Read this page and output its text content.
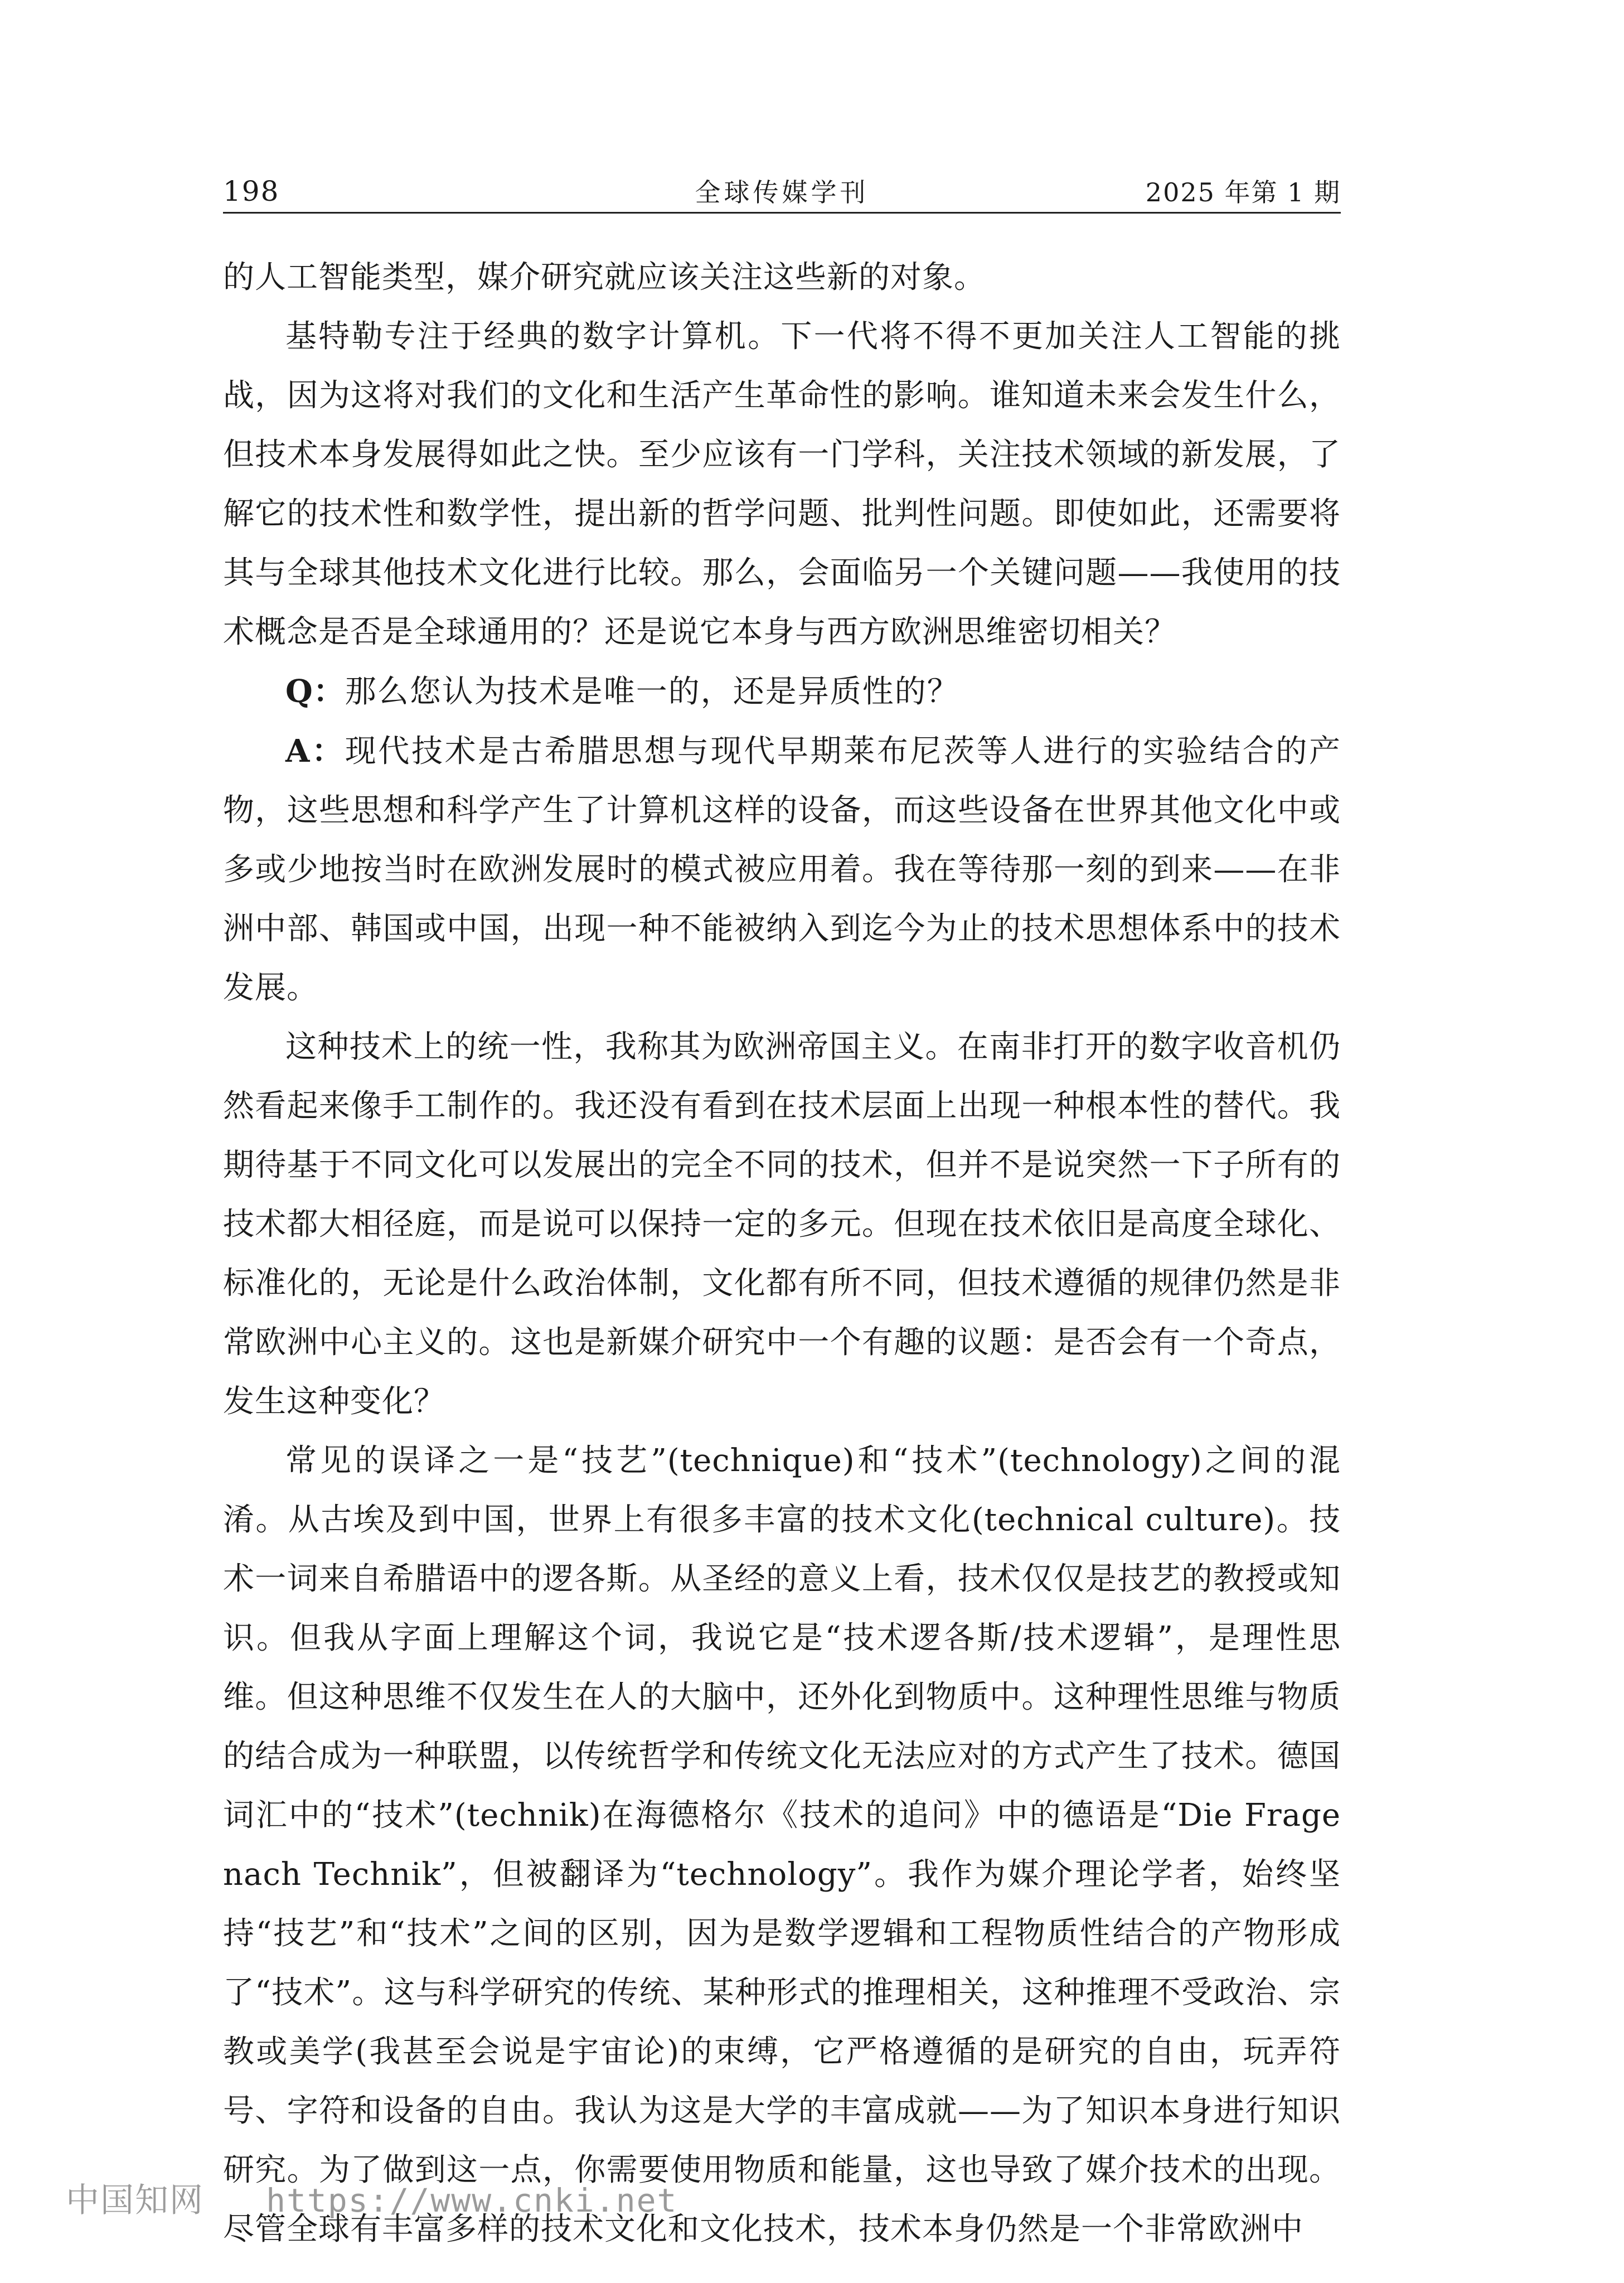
198	全球传媒学刊	2025 年第 1 期

的人工智能类型，媒介研究就应该关注这些新的对象。

基特勒专注于经典的数字计算机。下一代将不得不更加关注人工智能的挑战，因为这将对我们的文化和生活产生革命性的影响。谁知道未来会发生什么，但技术本身发展得如此之快。至少应该有一门学科，关注技术领域的新发展，了解它的技术性和数学性，提出新的哲学问题、批判性问题。即使如此，还需要将其与全球其他技术文化进行比较。那么，会面临另一个关键问题——我使用的技术概念是否是全球通用的？还是说它本身与西方欧洲思维密切相关？

Q：那么您认为技术是唯一的，还是异质性的？

A：现代技术是古希腊思想与现代早期莱布尼茨等人进行的实验结合的产物，这些思想和科学产生了计算机这样的设备，而这些设备在世界其他文化中或多或少地按当时在欧洲发展时的模式被应用着。我在等待那一刻的到来——在非洲中部、韩国或中国，出现一种不能被纳入到迄今为止的技术思想体系中的技术发展。

这种技术上的统一性，我称其为欧洲帝国主义。在南非打开的数字收音机仍然看起来像手工制作的。我还没有看到在技术层面上出现一种根本性的替代。我期待基于不同文化可以发展出的完全不同的技术，但并不是说突然一下子所有的技术都大相径庭，而是说可以保持一定的多元。但现在技术依旧是高度全球化、标准化的，无论是什么政治体制，文化都有所不同，但技术遵循的规律仍然是非常欧洲中心主义的。这也是新媒介研究中一个有趣的议题：是否会有一个奇点，发生这种变化？

常见的误译之一是“技艺”(technique)和“技术”(technology)之间的混淆。从古埃及到中国，世界上有很多丰富的技术文化(technical culture)。技术一词来自希腊语中的逻各斯。从圣经的意义上看，技术仅仅是技艺的教授或知识。但我从字面上理解这个词，我说它是“技术逻各斯/技术逻辑”，是理性思维。但这种思维不仅发生在人的大脑中，还外化到物质中。这种理性思维与物质的结合成为一种联盟，以传统哲学和传统文化无法应对的方式产生了技术。德国词汇中的“技术”(technik)在海德格尔《技术的追问》中的德语是“Die Frage nach Technik”，但被翻译为“technology”。我作为媒介理论学者，始终坚持“技艺”和“技术”之间的区别，因为是数学逻辑和工程物质性结合的产物形成了“技术”。这与科学研究的传统、某种形式的推理相关，这种推理不受政治、宗教或美学(我甚至会说是宇宙论)的束缚，它严格遵循的是研究的自由，玩弄符号、字符和设备的自由。我认为这是大学的丰富成就——为了知识本身进行知识研究。为了做到这一点，你需要使用物质和能量，这也导致了媒介技术的出现。尽管全球有丰富多样的技术文化和文化技术，技术本身仍然是一个非常欧洲中

中国知网 https://www.cnki.net
